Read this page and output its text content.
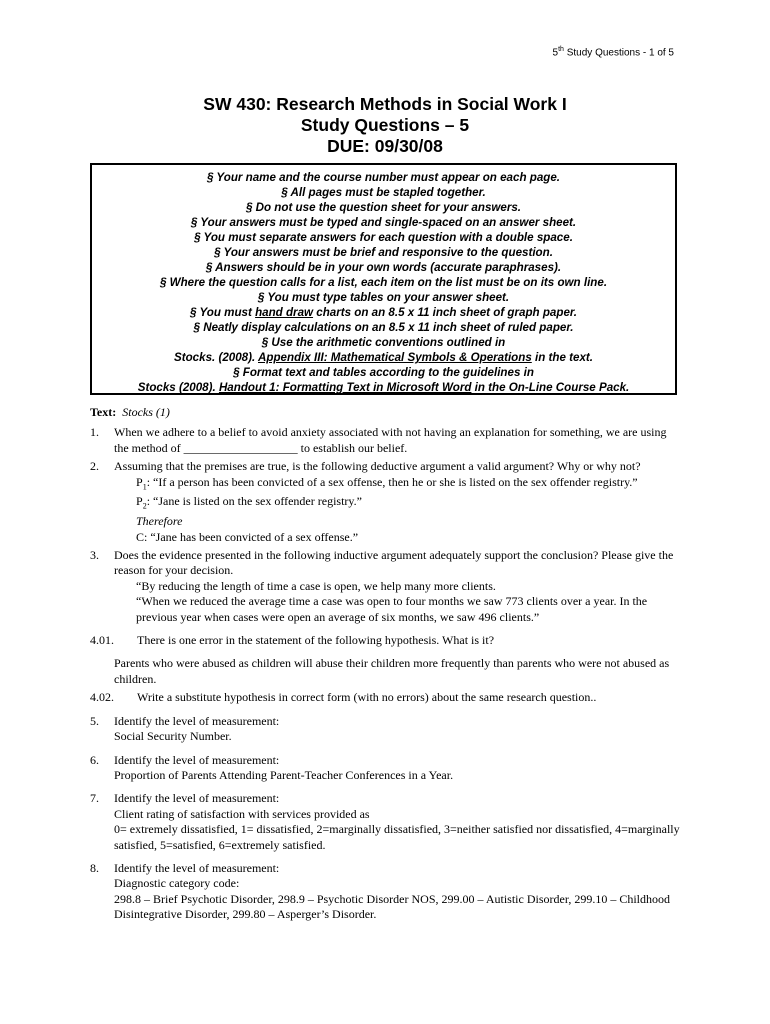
5th Study Questions - 1 of 5
SW 430: Research Methods in Social Work I
Study Questions – 5
DUE: 09/30/08
§ Your name and the course number must appear on each page.
§ All pages must be stapled together.
§ Do not use the question sheet for your answers.
§ Your answers must be typed and single-spaced on an answer sheet.
§ You must separate answers for each question with a double space.
§ Your answers must be brief and responsive to the question.
§ Answers should be in your own words (accurate paraphrases).
§ Where the question calls for a list, each item on the list must be on its own line.
§ You must type tables on your answer sheet.
§ You must hand draw charts on an 8.5 x 11 inch sheet of graph paper.
§ Neatly display calculations on an 8.5 x 11 inch sheet of ruled paper.
§ Use the arithmetic conventions outlined in
Stocks. (2008). Appendix III: Mathematical Symbols & Operations in the text.
§ Format text and tables according to the guidelines in
Stocks (2008). Handout 1: Formatting Text in Microsoft Word in the On-Line Course Pack.
Text: Stocks (1)
1.	When we adhere to a belief to avoid anxiety associated with not having an explanation for something, we are using the method of ___________________ to establish our belief.
2.	Assuming that the premises are true, is the following deductive argument a valid argument? Why or why not?
$P_1$: “If a person has been convicted of a sex offense, then he or she is listed on the sex offender registry.”
$P_2$: “Jane is listed on the sex offender registry.”
Therefore
C: “Jane has been convicted of a sex offense.”
3.	Does the evidence presented in the following inductive argument adequately support the conclusion? Please give the reason for your decision.
“By reducing the length of time a case is open, we help many more clients.
“When we reduced the average time a case was open to four months we saw 773 clients over a year. In the previous year when cases were open an average of six months, we saw 496 clients.”
4.01.	There is one error in the statement of the following hypothesis. What is it?
Parents who were abused as children will abuse their children more frequently than parents who were not abused as children.
4.02.	Write a substitute hypothesis in correct form (with no errors) about the same research question..
5.	Identify the level of measurement:
Social Security Number.
6.	Identify the level of measurement:
Proportion of Parents Attending Parent-Teacher Conferences in a Year.
7.	Identify the level of measurement:
Client rating of satisfaction with services provided as
0= extremely dissatisfied, 1= dissatisfied, 2=marginally dissatisfied, 3=neither satisfied nor dissatisfied, 4=marginally satisfied, 5=satisfied, 6=extremely satisfied.
8.	Identify the level of measurement:
Diagnostic category code:
298.8 – Brief Psychotic Disorder, 298.9 – Psychotic Disorder NOS, 299.00 – Autistic Disorder, 299.10 – Childhood Disintegrative Disorder, 299.80 – Asperger’s Disorder.
